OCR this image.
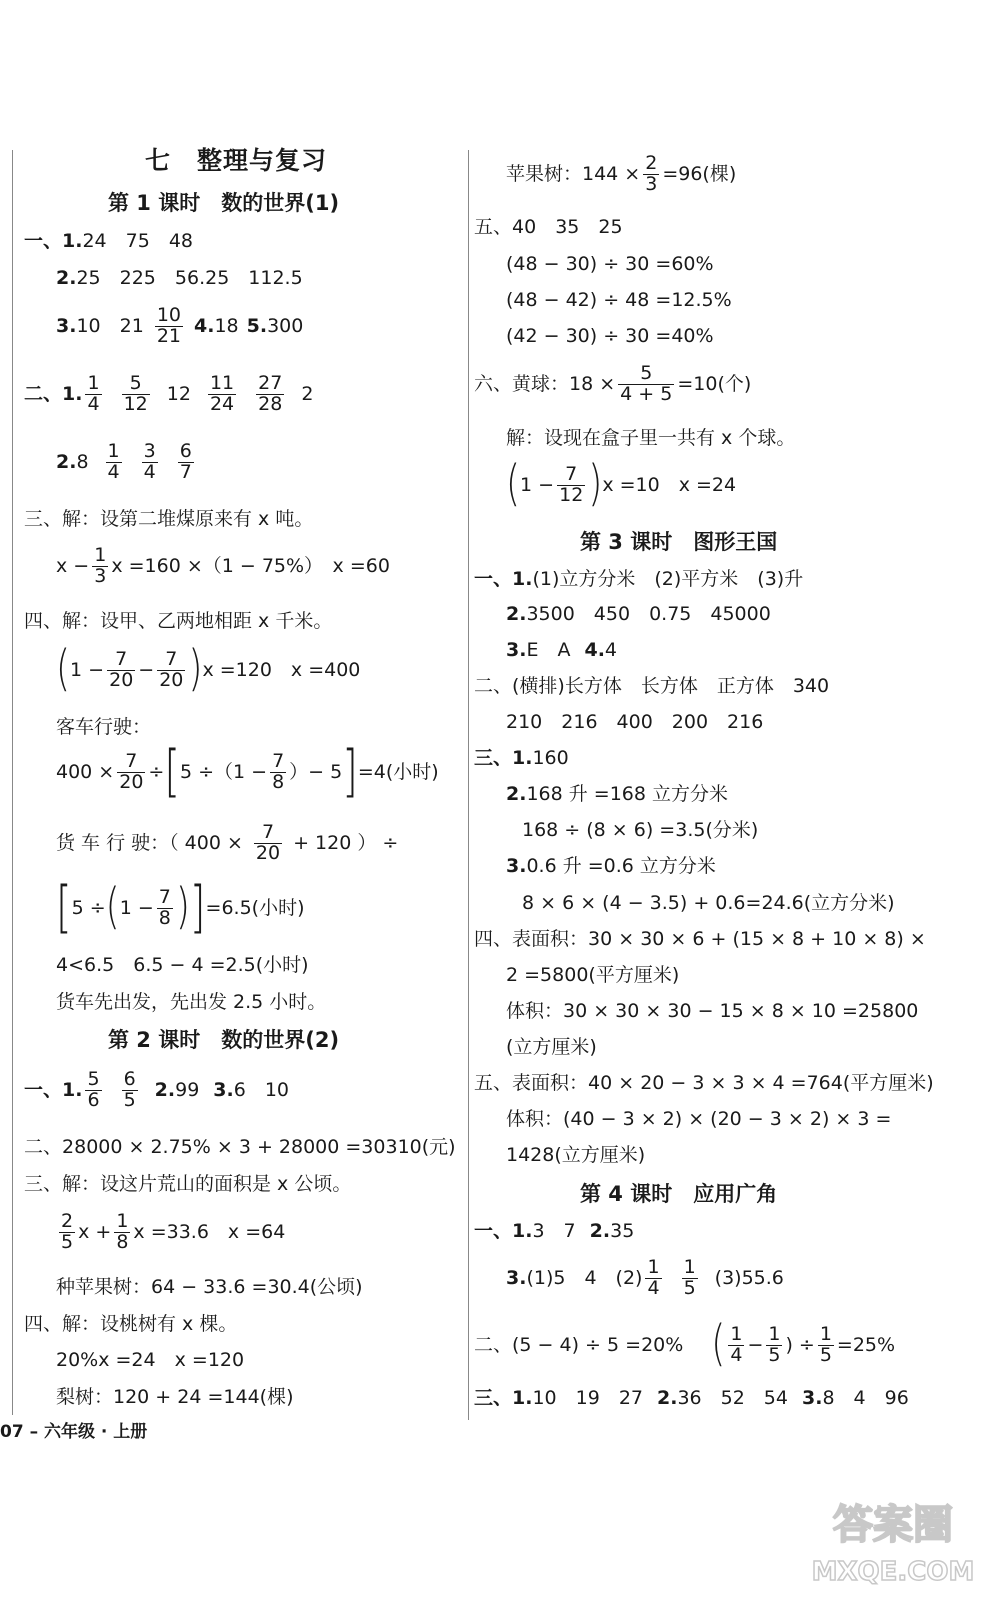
七　整理与复习
第 1 课时　数的世界(1)
一、 1. 24　75　48
2. 25　225　56.25　112.5
3. 10　$21 \frac{10}{21} 4$. 18 5. 300
二、 1. $\frac{1}{4} \frac{5}{12} 12 \frac{11}{24} \frac{27}{28} 2$
2. $8 \frac{1}{4} \frac{3}{4} \frac{6}{7}$
三、 解：设第二堆煤原来有 x 吨。
$x - \frac{1}{3}$ x =160 ×（1 − 75%）　x =60
四、 解：设甲、乙两地相距 x 千米。
( $1 - \frac{7}{20} - \frac{7}{20}$ ) x =120　x =400
客车行驶：
$400 \times \frac{7}{20}$ ÷ [ $5 \div(1 - \frac{7}{8}$ ）− 5 ] =4(小时)
货 车 行 驶：（ $400 \times \frac{7}{20} + 120$ ） ÷
[ 5 ÷ ( $1 - \frac{7}{8}$ ) ] =6.5(小时)
4<6.5　6.5 − 4 =2.5(小时)
货车先出发，先出发 2.5 小时。
第 2 课时　数的世界(2)
一、 1. $\frac{5}{6} \frac{6}{5} 2$. 99 3. 6　10
二、 28000 × 2.75% × 3 + 28000 =30310(元)
三、 解：设这片荒山的面积是 x 公顷。
$\frac{2}{5}$ $x + \frac{1}{8}$ x =33.6　x =64
种苹果树：64 − 33.6 =30.4(公顷)
四、 解：设桃树有 x 棵。
20%x =24　x =120
梨树：120 + 24 =144(棵)
07 – 六年级 · 上册
苹果树：$144 \times \frac{2}{3} =96$(棵)
五、 40　35　25
(48 − 30) ÷ 30 =60%
(48 − 42) ÷ 48 =12.5%
(42 − 30) ÷ 30 =40%
六、 黄球：$18 \times \frac{5}{4 + 5} =10$(个)
解：设现在盒子里一共有 x 个球。
( $1 - \frac{7}{12}$ ) x =10　x =24
第 3 课时　图形王国
一、 1. (1)立方分米　(2)平方米　(3)升
2. 3500　450　0.75　45000
3. E　A 4. 4
二、 (横排)长方体　长方体　正方体　340
210　216　400　200　216
三、 1. 160
2. 168 升 =168 立方分米
168 ÷ (8 × 6) =3.5(分米)
3. 0.6 升 =0.6 立方分米
8 × 6 × (4 − 3.5) + 0.6=24.6(立方分米)
四、 表面积：30 × 30 × 6 + (15 × 8 + 10 × 8) ×
2 =5800(平方厘米)
体积：30 × 30 × 30 − 15 × 8 × 10 =25800
(立方厘米)
五、 表面积：40 × 20 − 3 × 3 × 4 =764(平方厘米)
体积：(40 − 3 × 2) × (20 − 3 × 2) × 3 =
1428(立方厘米)
第 4 课时　应用广角
一、 1. 3　7 2. 35
3. (1)5　4　$(2) \frac{1}{4} \frac{1}{5} (3)55.6$
二、 (5 − 4) ÷ 5 =20% ( $\frac{1}{4} - \frac{1}{5}$ ) ÷ $\frac{1}{5} =25\%$
三、 1. 10　19　27 2. 36　52　54 3. 8　4　96
答案圈
MXQE.COM
